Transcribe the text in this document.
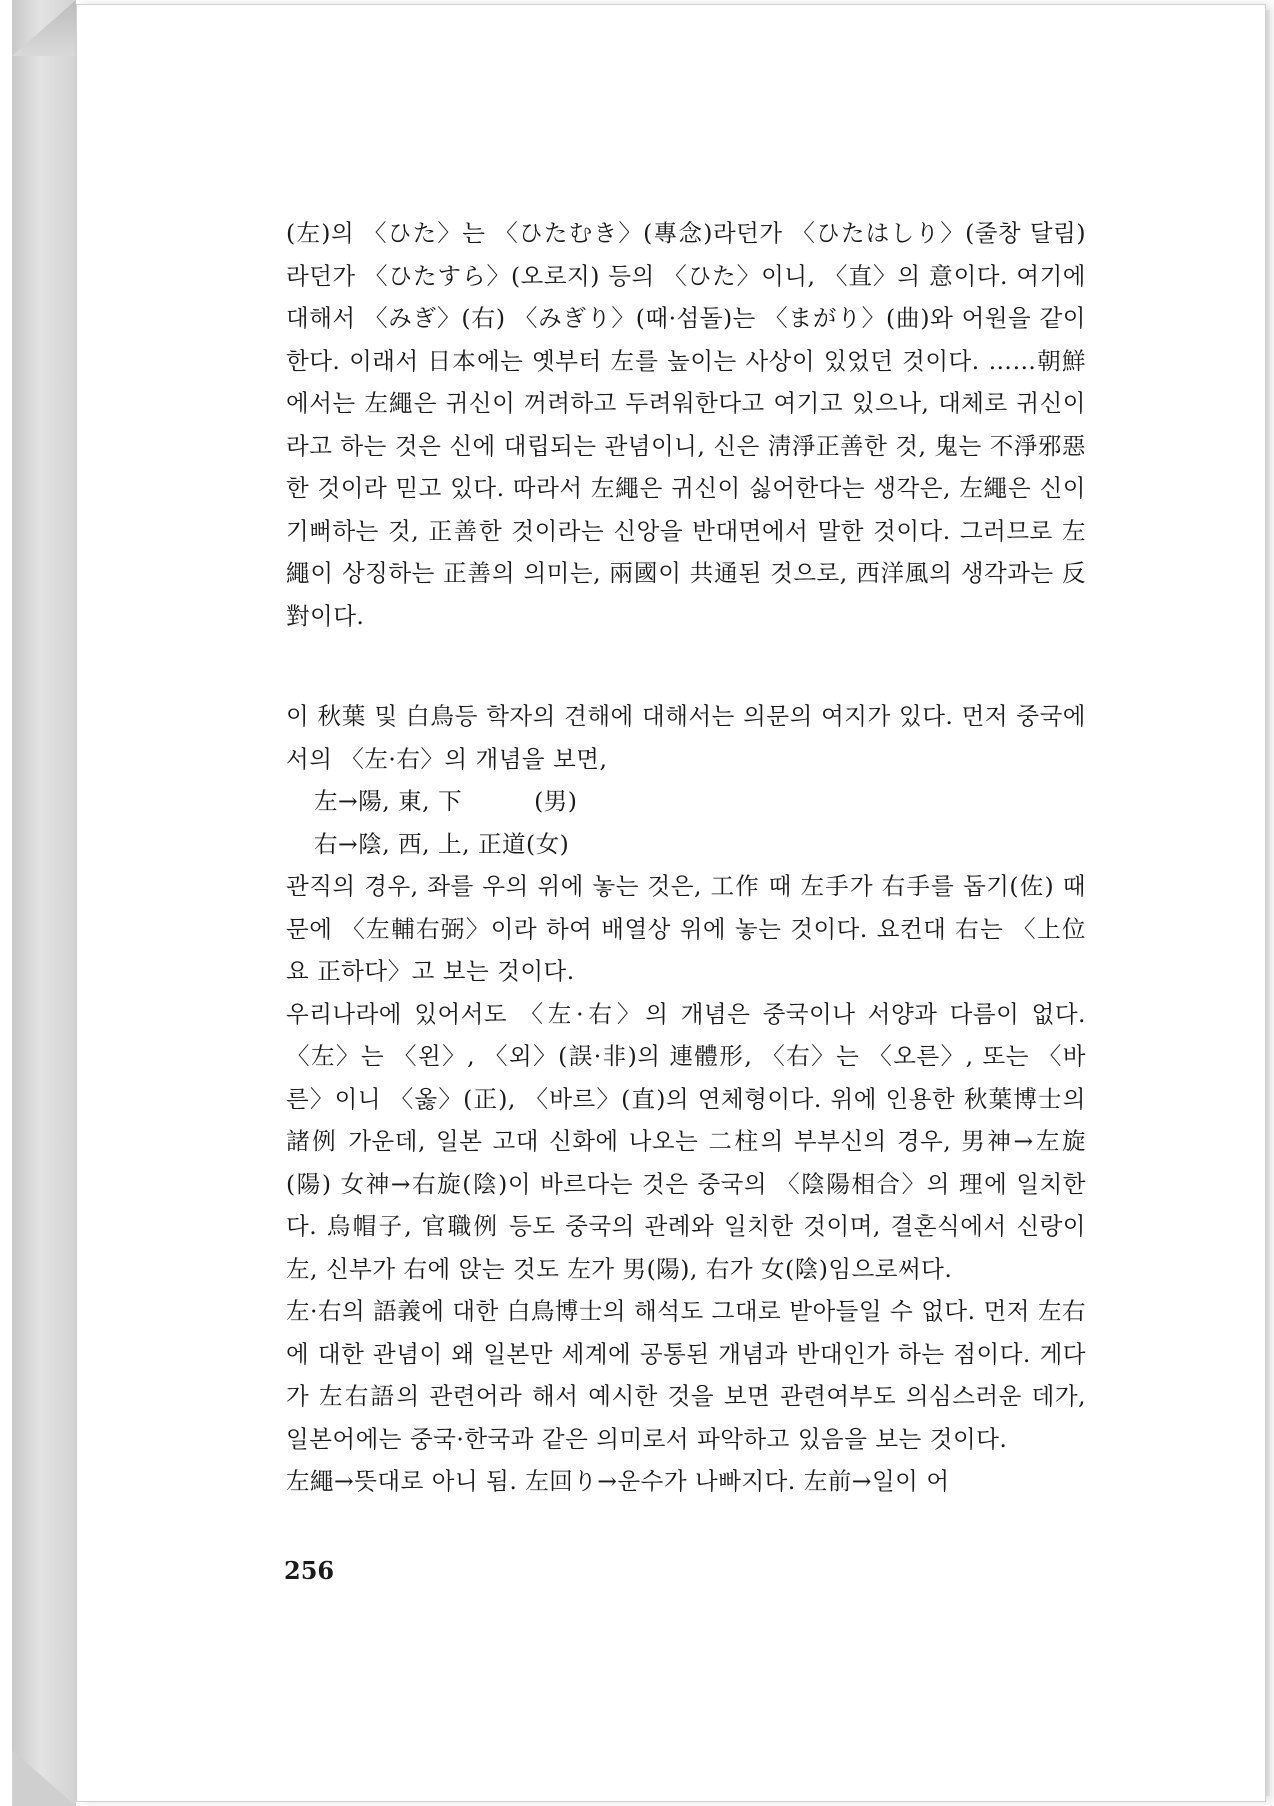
(左)의 〈ひた〉는 〈ひたむき〉(專念)라던가 〈ひたはしり〉(줄창 달림)라던가 〈ひたすら〉(오로지) 등의 〈ひた〉이니, 〈直〉의 意이다. 여기에 대해서 〈みぎ〉(右) 〈みぎり〉(때·섬돌)는 〈まがり〉(曲)와 어원을 같이 한다. 이래서 日本에는 옛부터 左를 높이는 사상이 있었던 것이다. ……朝鮮에서는 左繩은 귀신이 꺼려하고 두려워한다고 여기고 있으나, 대체로 귀신이라고 하는 것은 신에 대립되는 관념이니, 신은 淸淨正善한 것, 鬼는 不淨邪惡한 것이라 믿고 있다. 따라서 左繩은 귀신이 싫어한다는 생각은, 左繩은 신이 기뻐하는 것, 正善한 것이라는 신앙을 반대면에서 말한 것이다. 그러므로 左繩이 상징하는 正善의 의미는, 兩國이 共通된 것으로, 西洋風의 생각과는 反對이다.

이 秋葉 및 白鳥등 학자의 견해에 대해서는 의문의 여지가 있다. 먼저 중국에서의 〈左·右〉의 개념을 보면,

左→陽, 東, 下　　　(男)

右→陰, 西, 上, 正道(女)

관직의 경우, 좌를 우의 위에 놓는 것은, 工作 때 左手가 右手를 돕기(佐) 때문에 〈左輔右弼〉이라 하여 배열상 위에 놓는 것이다. 요컨대 右는 〈上位요 正하다〉고 보는 것이다.

우리나라에 있어서도 〈左·右〉의 개념은 중국이나 서양과 다름이 없다. 〈左〉는 〈왼〉, 〈외〉(誤·非)의 連體形, 〈右〉는 〈오른〉, 또는 〈바른〉이니 〈옳〉(正), 〈바르〉(直)의 연체형이다. 위에 인용한 秋葉博士의 諸例 가운데, 일본 고대 신화에 나오는 二柱의 부부신의 경우, 男神→左旋(陽) 女神→右旋(陰)이 바르다는 것은 중국의 〈陰陽相合〉의 理에 일치한다. 烏帽子, 官職例 등도 중국의 관례와 일치한 것이며, 결혼식에서 신랑이 左, 신부가 右에 앉는 것도 左가 男(陽), 右가 女(陰)임으로써다.

左·右의 語義에 대한 白鳥博士의 해석도 그대로 받아들일 수 없다. 먼저 左右에 대한 관념이 왜 일본만 세계에 공통된 개념과 반대인가 하는 점이다. 게다가 左右語의 관련어라 해서 예시한 것을 보면 관련여부도 의심스러운 데가, 일본어에는 중국·한국과 같은 의미로서 파악하고 있음을 보는 것이다.

左繩→뜻대로 아니 됨. 左回り→운수가 나빠지다. 左前→일이 어

256
